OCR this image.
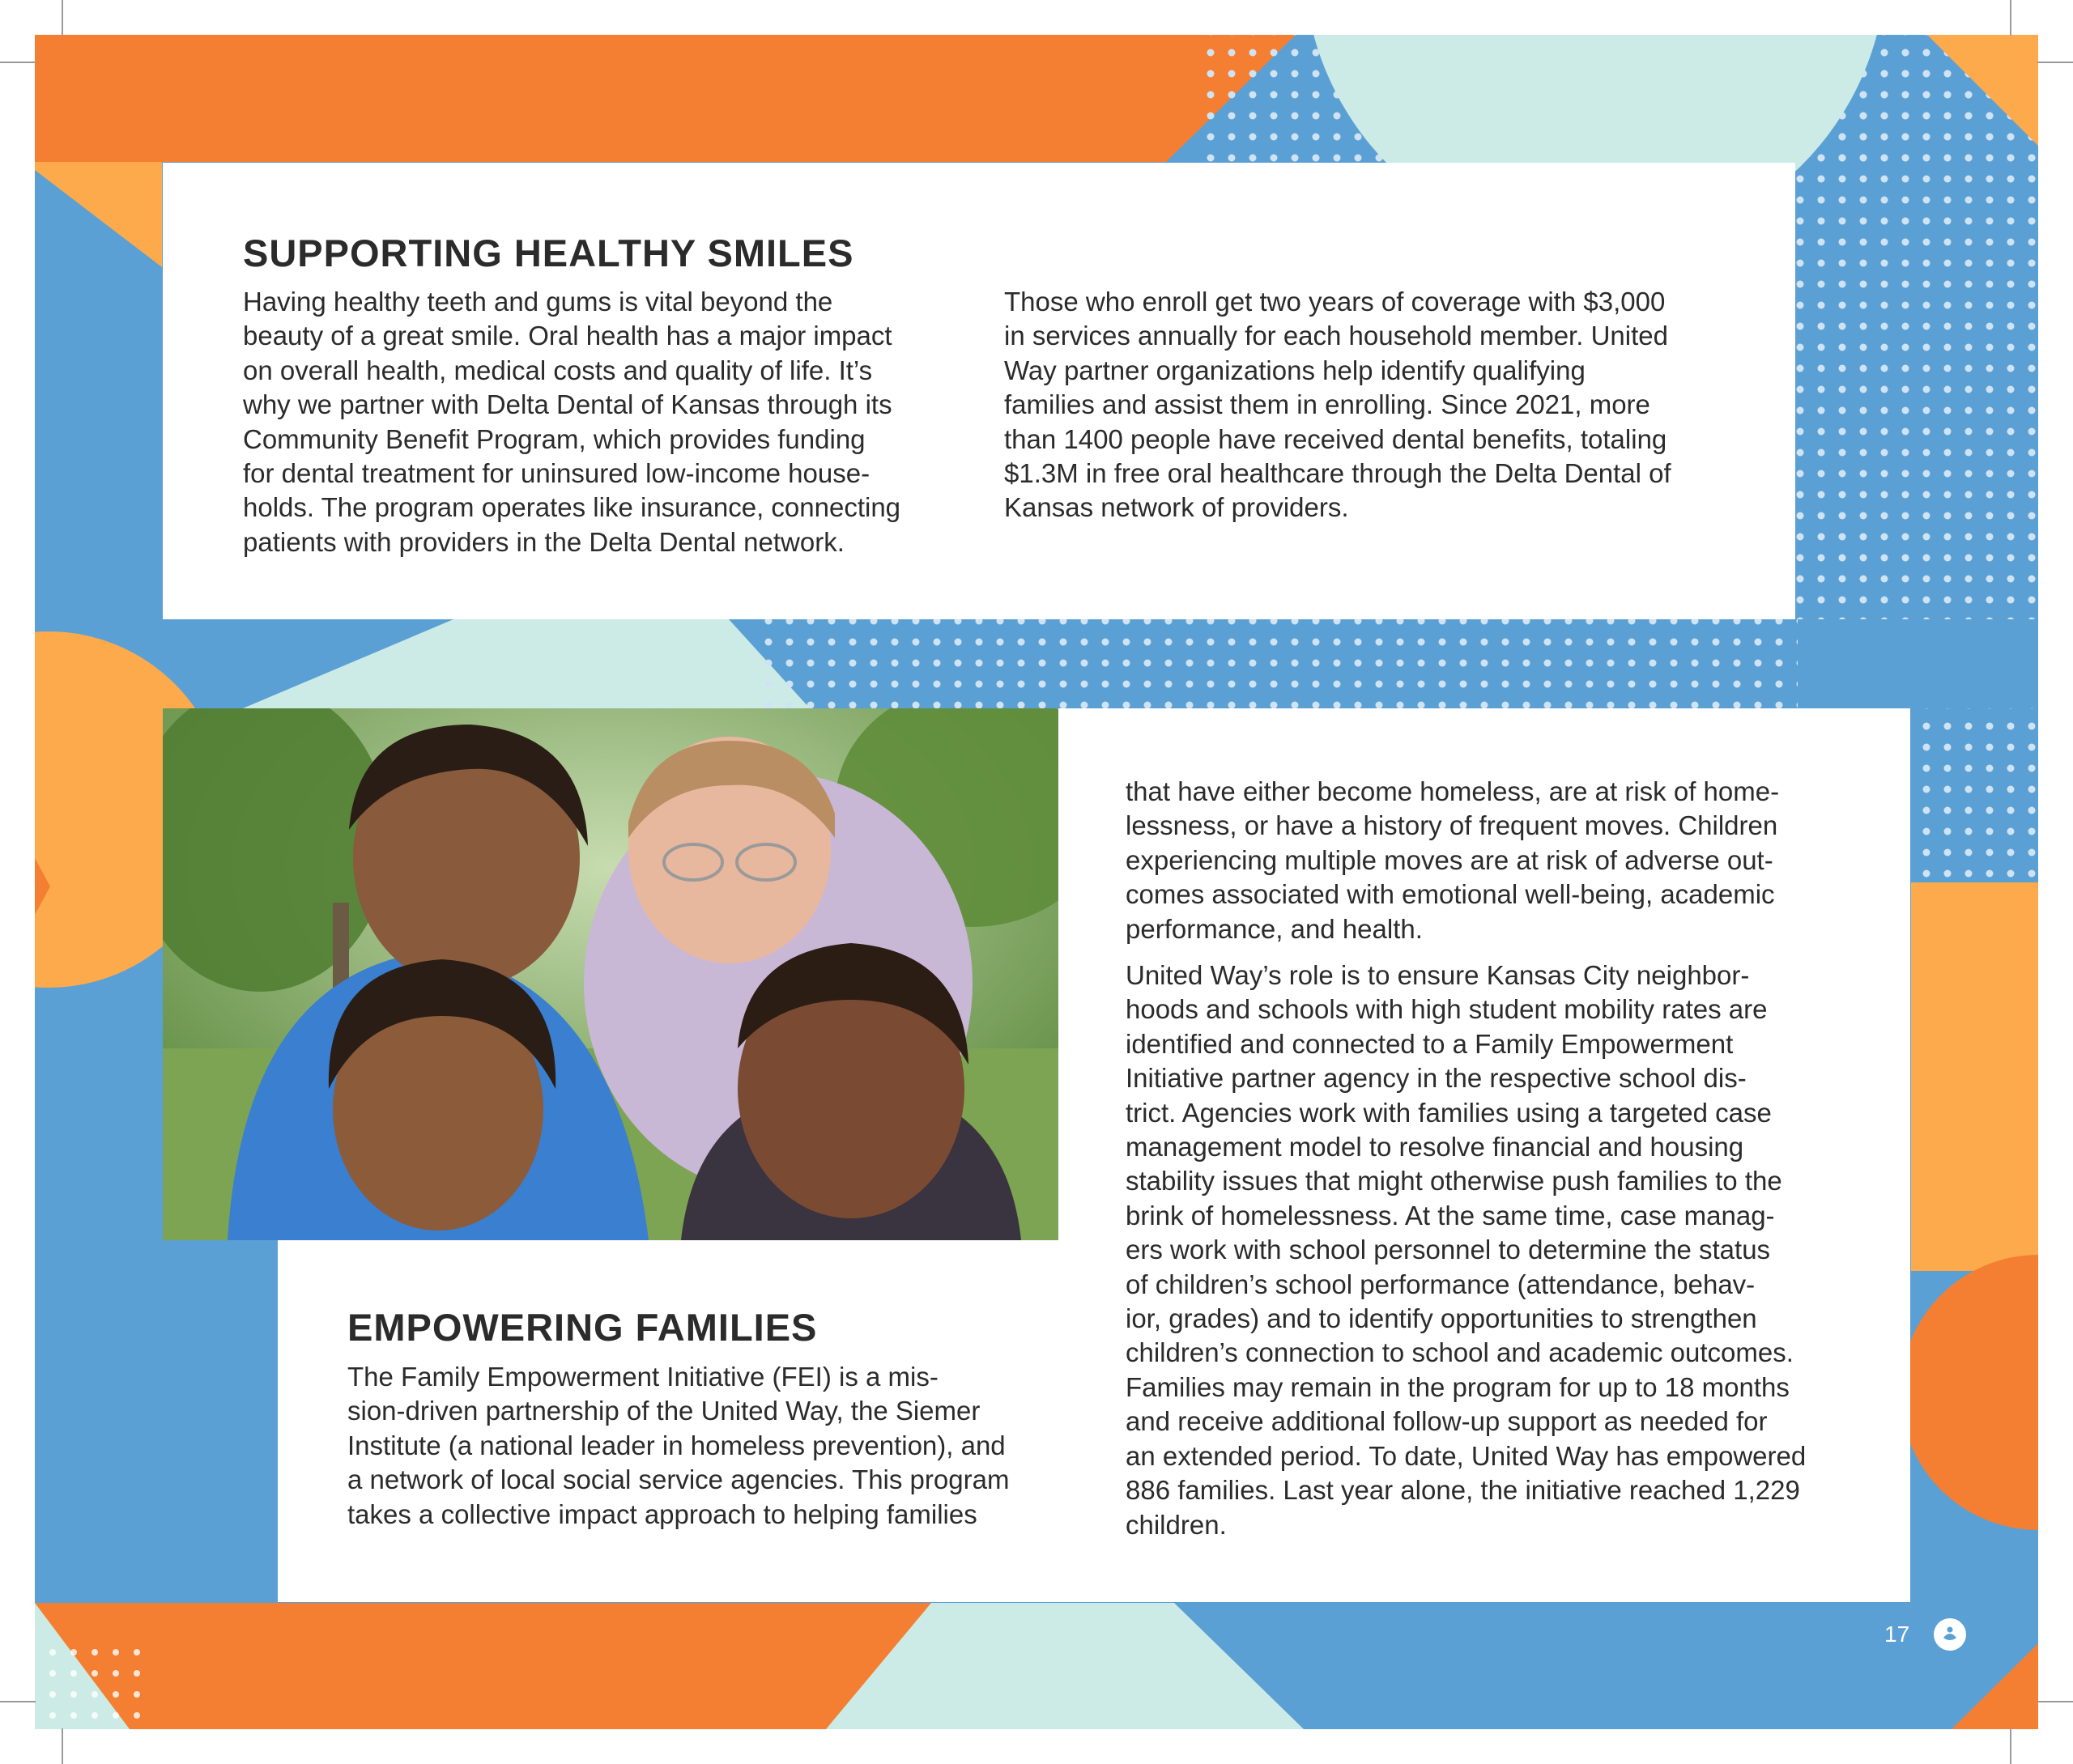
SUPPORTING HEALTHY SMILES

Having healthy teeth and gums is vital beyond the
beauty of a great smile. Oral health has a major impact
on overall health, medical costs and quality of life. It’s
why we partner with Delta Dental of Kansas through its
Community Benefit Program, which provides funding
for dental treatment for uninsured low-income house-
holds. The program operates like insurance, connecting
patients with providers in the Delta Dental network.

Those who enroll get two years of coverage with $3,000
in services annually for each household member. United
Way partner organizations help identify qualifying
families and assist them in enrolling. Since 2021, more
than 1400 people have received dental benefits, totaling
$1.3M in free oral healthcare through the Delta Dental of
Kansas network of providers.

EMPOWERING FAMILIES

The Family Empowerment Initiative (FEI) is a mis-
sion-driven partnership of the United Way, the Siemer
Institute (a national leader in homeless prevention), and
a network of local social service agencies. This program
takes a collective impact approach to helping families

that have either become homeless, are at risk of home-
lessness, or have a history of frequent moves. Children
experiencing multiple moves are at risk of adverse out-
comes associated with emotional well-being, academic
performance, and health.

United Way’s role is to ensure Kansas City neighbor-
hoods and schools with high student mobility rates are
identified and connected to a Family Empowerment
Initiative partner agency in the respective school dis-
trict. Agencies work with families using a targeted case
management model to resolve financial and housing
stability issues that might otherwise push families to the
brink of homelessness. At the same time, case manag-
ers work with school personnel to determine the status
of children’s school performance (attendance, behav-
ior, grades) and to identify opportunities to strengthen
children’s connection to school and academic outcomes.
Families may remain in the program for up to 18 months
and receive additional follow-up support as needed for
an extended period. To date, United Way has empowered
886 families. Last year alone, the initiative reached 1,229
children.

17
